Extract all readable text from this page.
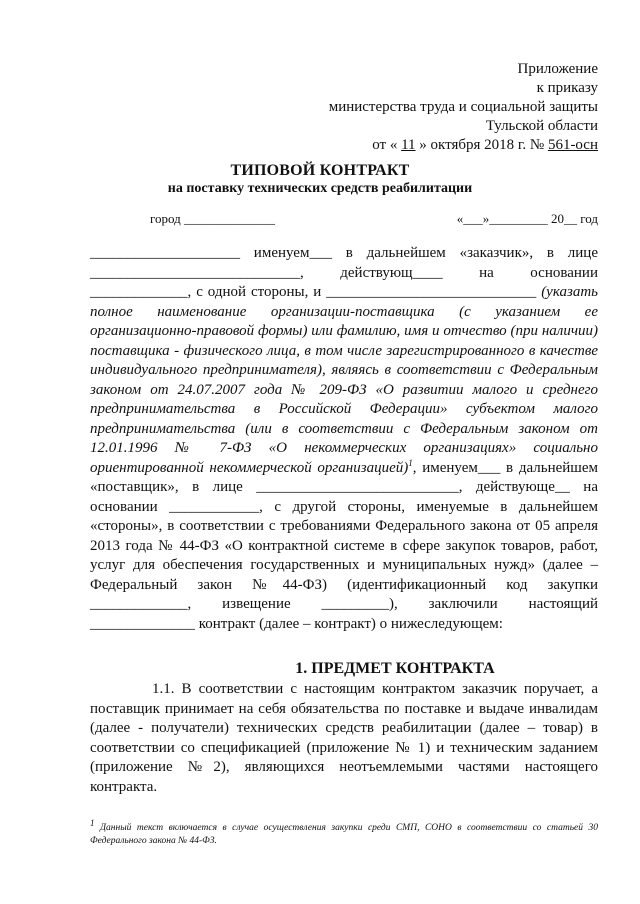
Приложение
к приказу
министерства труда и социальной защиты
Тульской области
от « 11 » октября 2018 г. № 561-осн
ТИПОВОЙ КОНТРАКТ
на поставку технических средств реабилитации
город ______________	«___»_________ 20__ год

____________________ именуем___ в дальнейшем «заказчик», в лице ____________________________, действующ____ на основании _____________, с одной стороны, и ____________________________ (указать полное наименование организации-поставщика (с указанием ее организационно-правовой формы) или фамилию, имя и отчество (при наличии) поставщика - физического лица, в том числе зарегистрированного в качестве индивидуального предпринимателя), являясь в соответствии с Федеральным законом от 24.07.2007 года № 209-ФЗ «О развитии малого и среднего предпринимательства в Российской Федерации» субъектом малого предпринимательства (или в соответствии с Федеральным законом от 12.01.1996 № 7-ФЗ «О некоммерческих организациях» социально ориентированной некоммерческой организацией)$^1$, именуем___ в дальнейшем «поставщик», в лице ___________________________, действующе__ на основании ____________, с другой стороны, именуемые в дальнейшем «стороны», в соответствии с требованиями Федерального закона от 05 апреля 2013 года № 44-ФЗ «О контрактной системе в сфере закупок товаров, работ, услуг для обеспечения государственных и муниципальных нужд» (далее – Федеральный закон №44-ФЗ) (идентификационный код закупки _____________, извещение _________), заключили настоящий ______________ контракт (далее – контракт) о нижеследующем:

1. ПРЕДМЕТ КОНТРАКТА

1.1. В соответствии с настоящим контрактом заказчик поручает, а поставщик принимает на себя обязательства по поставке и выдаче инвалидам (далее - получатели) технических средств реабилитации (далее – товар) в соответствии со спецификацией (приложение № 1) и техническим заданием (приложение №2), являющихся неотъемлемыми частями настоящего контракта.

$^1$ Данный текст включается в случае осуществления закупки среди СМП, СОНО в соответствии со статьей 30 Федерального закона № 44-ФЗ.
